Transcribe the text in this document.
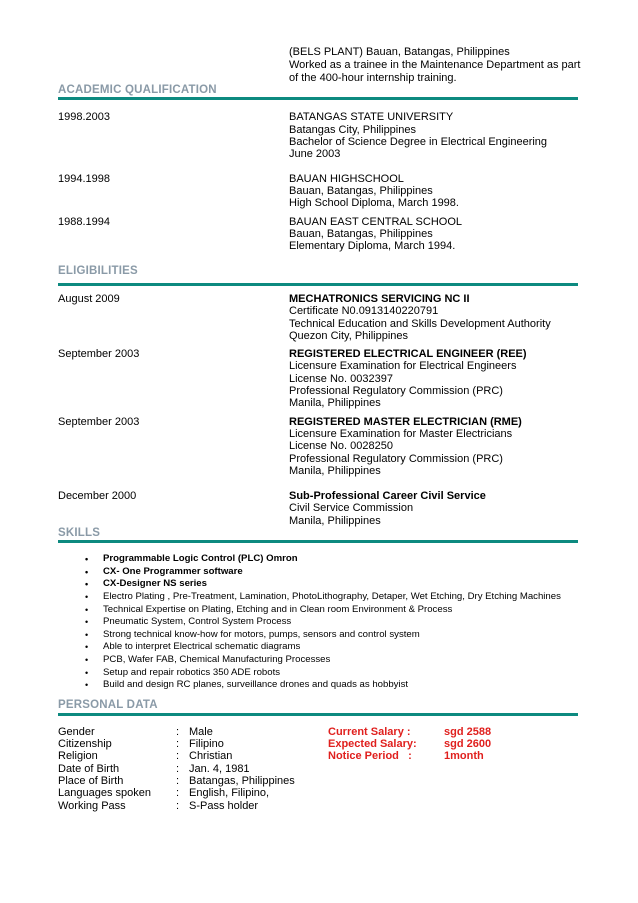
(BELS PLANT) Bauan, Batangas, Philippines
Worked as a trainee in the Maintenance Department as part
of the 400-hour internship training.
ACADEMIC QUALIFICATION
1998.2003	BATANGAS STATE UNIVERSITY
Batangas City, Philippines
Bachelor of Science Degree in Electrical Engineering
June 2003
1994.1998	BAUAN HIGHSCHOOL
Bauan, Batangas, Philippines
High School Diploma, March 1998.
1988.1994	BAUAN EAST CENTRAL SCHOOL
Bauan, Batangas, Philippines
Elementary Diploma, March 1994.
ELIGIBILITIES
August 2009	MECHATRONICS SERVICING NC II
Certificate N0.0913140220791
Technical Education and Skills Development Authority
Quezon City, Philippines
September 2003	REGISTERED ELECTRICAL ENGINEER (REE)
Licensure Examination for Electrical Engineers
License No. 0032397
Professional Regulatory Commission (PRC)
Manila, Philippines
September 2003	REGISTERED MASTER ELECTRICIAN (RME)
Licensure Examination for Master Electricians
License No. 0028250
Professional Regulatory Commission (PRC)
Manila, Philippines
December 2000	Sub-Professional Career Civil Service
Civil Service Commission
Manila, Philippines
SKILLS
• Programmable Logic Control (PLC) Omron
• CX- One Programmer software
• CX-Designer NS series
• Electro Plating , Pre-Treatment, Lamination, PhotoLithography, Detaper, Wet Etching, Dry Etching Machines
• Technical Expertise on Plating, Etching and in Clean room Environment & Process
• Pneumatic System, Control System Process
• Strong technical know-how for motors, pumps, sensors and control system
• Able to interpret Electrical schematic diagrams
• PCB, Wafer FAB, Chemical Manufacturing Processes
• Setup and repair robotics 350 ADE robots
• Build and design RC planes, surveillance drones and quads as hobbyist
PERSONAL DATA
Gender	: Male
Citizenship	: Filipino
Religion	: Christian
Date of Birth	: Jan. 4, 1981
Place of Birth	: Batangas, Philippines
Languages spoken : English, Filipino,
Working Pass	: S-Pass holder
Current Salary :	sgd 2588
Expected Salary: sgd 2600
Notice Period   :	1month
